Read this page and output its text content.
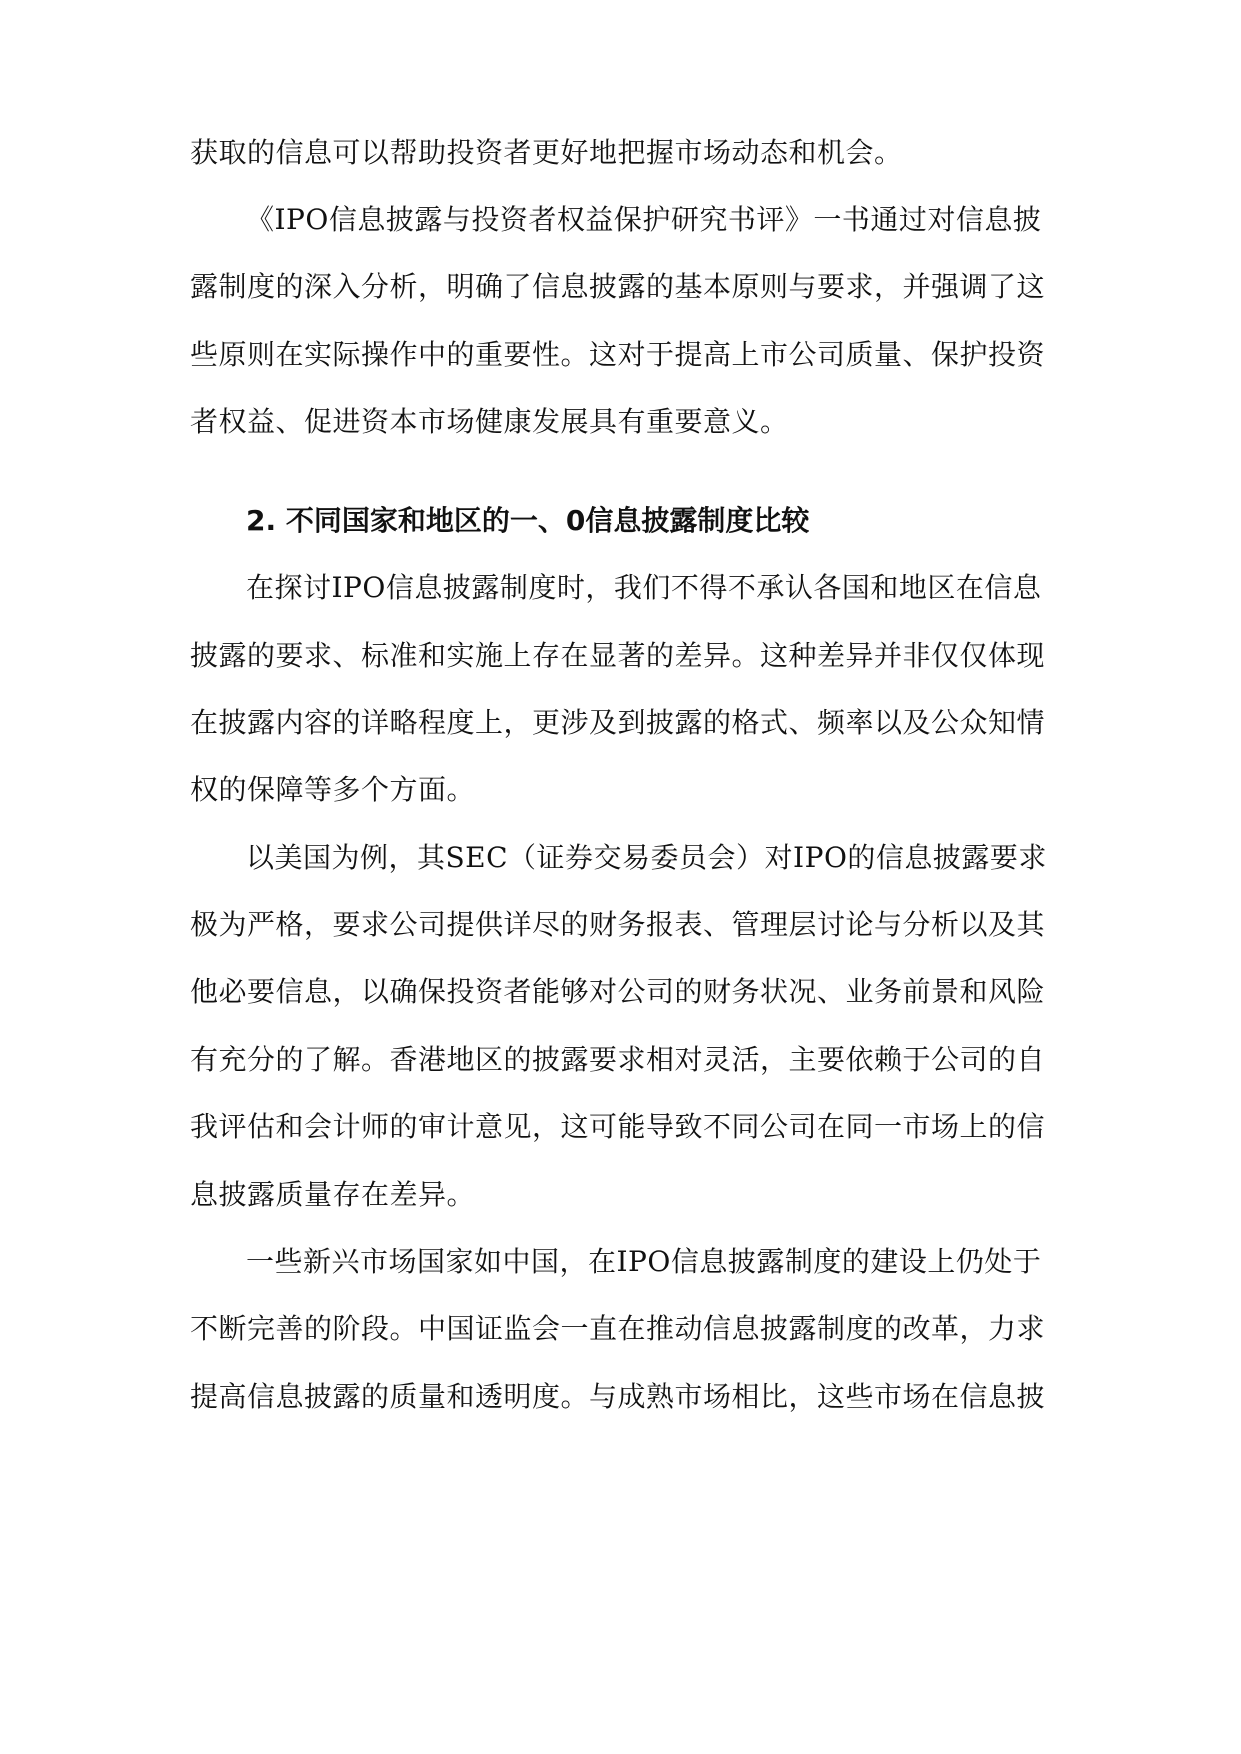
获取的信息可以帮助投资者更好地把握市场动态和机会。
《IPO信息披露与投资者权益保护研究书评》一书通过对信息披
露制度的深入分析，明确了信息披露的基本原则与要求，并强调了这
些原则在实际操作中的重要性。这对于提高上市公司质量、保护投资
者权益、促进资本市场健康发展具有重要意义。
2. 不同国家和地区的一、0信息披露制度比较
在探讨IPO信息披露制度时，我们不得不承认各国和地区在信息
披露的要求、标准和实施上存在显著的差异。这种差异并非仅仅体现
在披露内容的详略程度上，更涉及到披露的格式、频率以及公众知情
权的保障等多个方面。
以美国为例，其SEC（证券交易委员会）对IPO的信息披露要求
极为严格，要求公司提供详尽的财务报表、管理层讨论与分析以及其
他必要信息，以确保投资者能够对公司的财务状况、业务前景和风险
有充分的了解。香港地区的披露要求相对灵活，主要依赖于公司的自
我评估和会计师的审计意见，这可能导致不同公司在同一市场上的信
息披露质量存在差异。
一些新兴市场国家如中国，在IPO信息披露制度的建设上仍处于
不断完善的阶段。中国证监会一直在推动信息披露制度的改革，力求
提高信息披露的质量和透明度。与成熟市场相比，这些市场在信息披
